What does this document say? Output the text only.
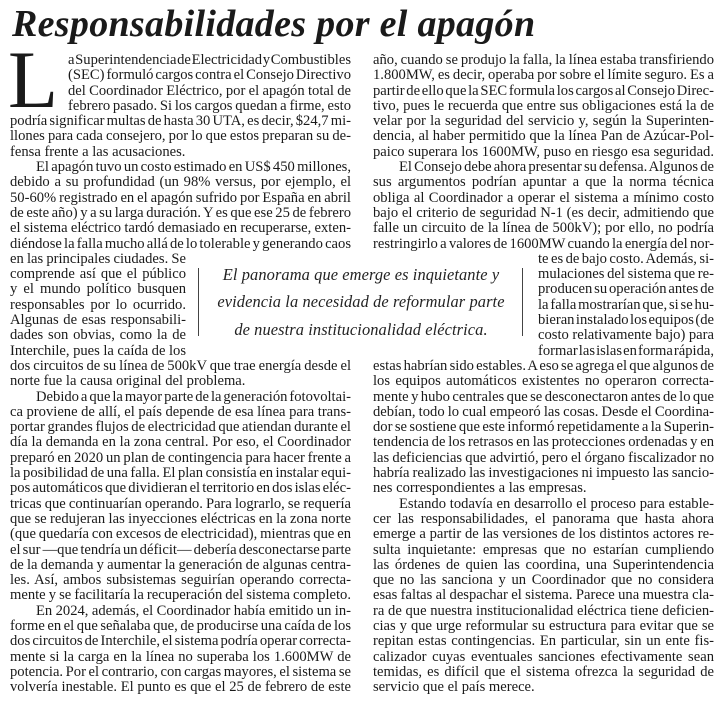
Responsabilidades por el apagón
L a Superintendencia de Electricidad y Combustibles
(SEC) formuló cargos contra el Consejo Directivo
del Coordinador Eléctrico, por el apagón total de
febrero pasado. Si los cargos quedan a firme, esto
podría significar multas de hasta 30 UTA, es decir, $24,7 mi-
llones para cada consejero, por lo que estos preparan su de-
fensa frente a las acusaciones.
El apagón tuvo un costo estimado en US$ 450 millones,
debido a su profundidad (un 98% versus, por ejemplo, el
50-60% registrado en el apagón sufrido por España en abril
de este año) y a su larga duración. Y es que ese 25 de febrero
el sistema eléctrico tardó demasiado en recuperarse, exten-
diéndose la falla mucho allá de lo tolerable y generando caos
en las principales ciudades. Se
comprende así que el público
y el mundo político busquen
responsables por lo ocurrido.
Algunas de esas responsabili-
dades son obvias, como la de
Interchile, pues la caída de los
dos circuitos de su línea de 500kV que trae energía desde el
norte fue la causa original del problema.
Debido a que la mayor parte de la generación fotovoltai-
ca proviene de allí, el país depende de esa línea para trans-
portar grandes flujos de electricidad que atiendan durante el
día la demanda en la zona central. Por eso, el Coordinador
preparó en 2020 un plan de contingencia para hacer frente a
la posibilidad de una falla. El plan consistía en instalar equi-
pos automáticos que dividieran el territorio en dos islas eléc-
tricas que continuarían operando. Para lograrlo, se requería
que se redujeran las inyecciones eléctricas en la zona norte
(que quedaría con excesos de electricidad), mientras que en
el sur —que tendría un déficit— debería desconectarse parte
de la demanda y aumentar la generación de algunas centra-
les. Así, ambos subsistemas seguirían operando correcta-
mente y se facilitaría la recuperación del sistema completo.
En 2024, además, el Coordinador había emitido un in-
forme en el que señalaba que, de producirse una caída de los
dos circuitos de Interchile, el sistema podría operar correcta-
mente si la carga en la línea no superaba los 1.600MW de
potencia. Por el contrario, con cargas mayores, el sistema se
volvería inestable. El punto es que el 25 de febrero de este
año, cuando se produjo la falla, la línea estaba transfiriendo
1.800MW, es decir, operaba por sobre el límite seguro. Es a
partir de ello que la SEC formula los cargos al Consejo Direc-
tivo, pues le recuerda que entre sus obligaciones está la de
velar por la seguridad del servicio y, según la Superinten-
dencia, al haber permitido que la línea Pan de Azúcar-Pol-
paico superara los 1600MW, puso en riesgo esa seguridad.
El Consejo debe ahora presentar su defensa. Algunos de
sus argumentos podrían apuntar a que la norma técnica
obliga al Coordinador a operar el sistema a mínimo costo
bajo el criterio de seguridad N-1 (es decir, admitiendo que
falle un circuito de la línea de 500kV); por ello, no podría
restringirlo a valores de 1600MW cuando la energía del nor-
te es de bajo costo. Además, si-
mulaciones del sistema que re-
producen su operación antes de
la falla mostrarían que, si se hu-
bieran instalado los equipos (de
costo relativamente bajo) para
formar las islas en forma rápida,
estas habrían sido estables. A eso se agrega el que algunos de
los equipos automáticos existentes no operaron correcta-
mente y hubo centrales que se desconectaron antes de lo que
debían, todo lo cual empeoró las cosas. Desde el Coordina-
dor se sostiene que este informó repetidamente a la Superin-
tendencia de los retrasos en las protecciones ordenadas y en
las deficiencias que advirtió, pero el órgano fiscalizador no
habría realizado las investigaciones ni impuesto las sancio-
nes correspondientes a las empresas.
Estando todavía en desarrollo el proceso para estable-
cer las responsabilidades, el panorama que hasta ahora
emerge a partir de las versiones de los distintos actores re-
sulta inquietante: empresas que no estarían cumpliendo
las órdenes de quien las coordina, una Superintendencia
que no las sanciona y un Coordinador que no considera
esas faltas al despachar el sistema. Parece una muestra cla-
ra de que nuestra institucionalidad eléctrica tiene deficien-
cias y que urge reformular su estructura para evitar que se
repitan estas contingencias. En particular, sin un ente fis-
calizador cuyas eventuales sanciones efectivamente sean
temidas, es difícil que el sistema ofrezca la seguridad de
servicio que el país merece.
El panorama que emerge es inquietante y
evidencia la necesidad de reformular parte
de nuestra institucionalidad eléctrica.
